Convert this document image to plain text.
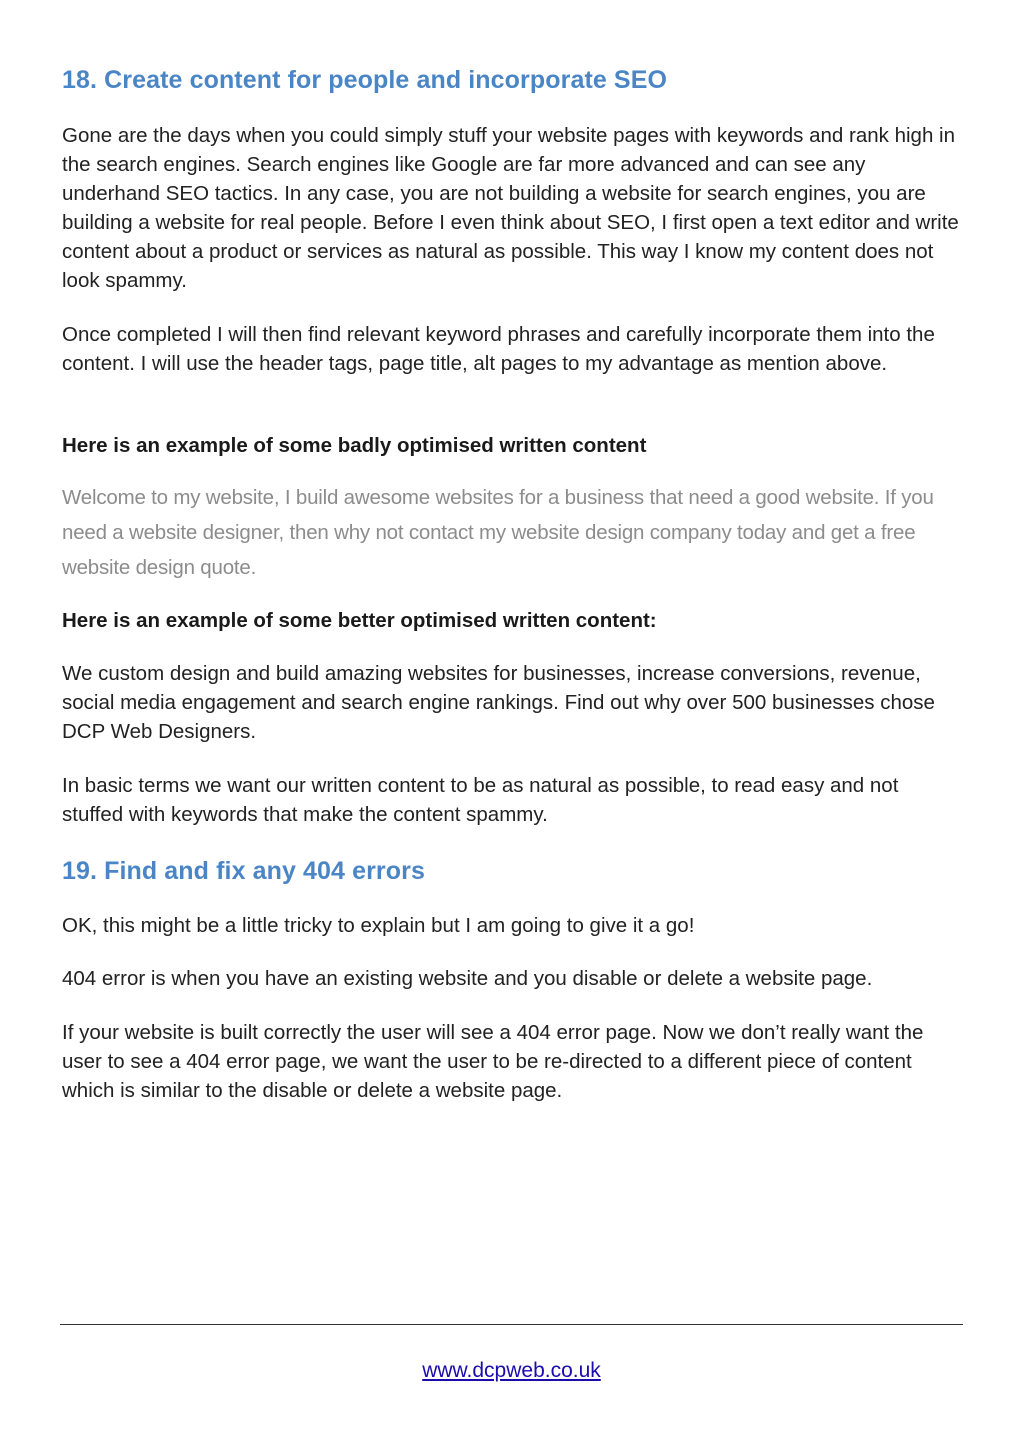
18. Create content for people and incorporate SEO

Gone are the days when you could simply stuff your website pages with keywords and rank high in the search engines. Search engines like Google are far more advanced and can see any underhand SEO tactics. In any case, you are not building a website for search engines, you are building a website for real people. Before I even think about SEO, I first open a text editor and write content about a product or services as natural as possible. This way I know my content does not look spammy.

Once completed I will then find relevant keyword phrases and carefully incorporate them into the content. I will use the header tags, page title, alt pages to my advantage as mention above.

Here is an example of some badly optimised written content

Welcome to my website, I build awesome websites for a business that need a good website. If you need a website designer, then why not contact my website design company today and get a free website design quote.

Here is an example of some better optimised written content:

We custom design and build amazing websites for businesses, increase conversions, revenue, social media engagement and search engine rankings. Find out why over 500 businesses chose DCP Web Designers.

In basic terms we want our written content to be as natural as possible, to read easy and not stuffed with keywords that make the content spammy.

19. Find and fix any 404 errors

OK, this might be a little tricky to explain but I am going to give it a go!

404 error is when you have an existing website and you disable or delete a website page.

If your website is built correctly the user will see a 404 error page. Now we don’t really want the user to see a 404 error page, we want the user to be re-directed to a different piece of content which is similar to the disable or delete a website page.

www.dcpweb.co.uk
